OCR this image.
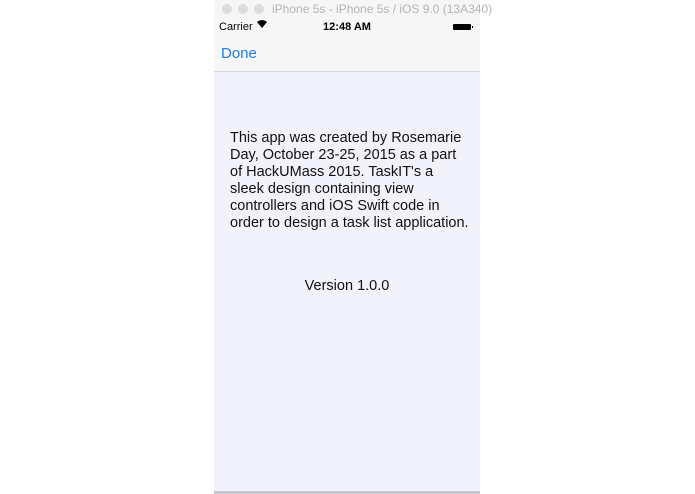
iPhone 5s - iPhone 5s / iOS 9.0 (13A340)
Carrier	12:48 AM
Done
This app was created by Rosemarie Day, October 23-25, 2015 as a part of HackUMass 2015. TaskIT's a sleek design containing view controllers and iOS Swift code in order to design a task list application.
Version 1.0.0
